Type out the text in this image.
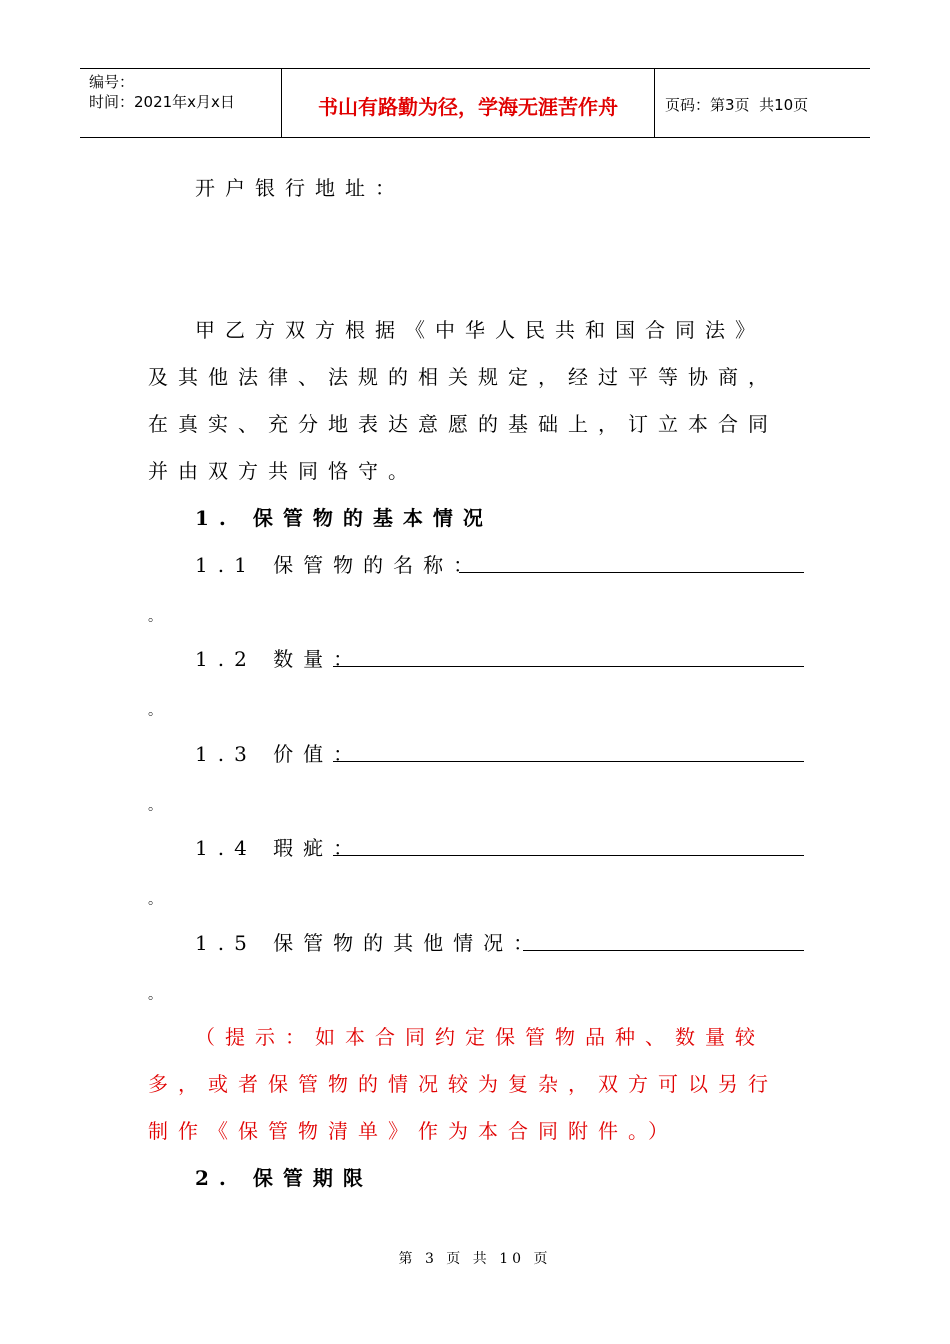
编号：
时间：2021年x月x日	书山有路勤为径，学海无涯苦作舟	页码：第3页  共10页
开户银行地址：
甲乙方双方根据《中华人民共和国合同法》
及其他法律、法规的相关规定，经过平等协商，
在真实、充分地表达意愿的基础上，订立本合同
并由双方共同恪守。
1. 保管物的基本情况
1.1 保管物的名称：
。
1.2 数量：
。
1.3 价值：
。
1.4 瑕疵：
。
1.5 保管物的其他情况：
。
（提示：如本合同约定保管物品种、数量较
多，或者保管物的情况较为复杂，双方可以另行
制作《保管物清单》作为本合同附件。）
2. 保管期限
第 3 页 共 10 页
